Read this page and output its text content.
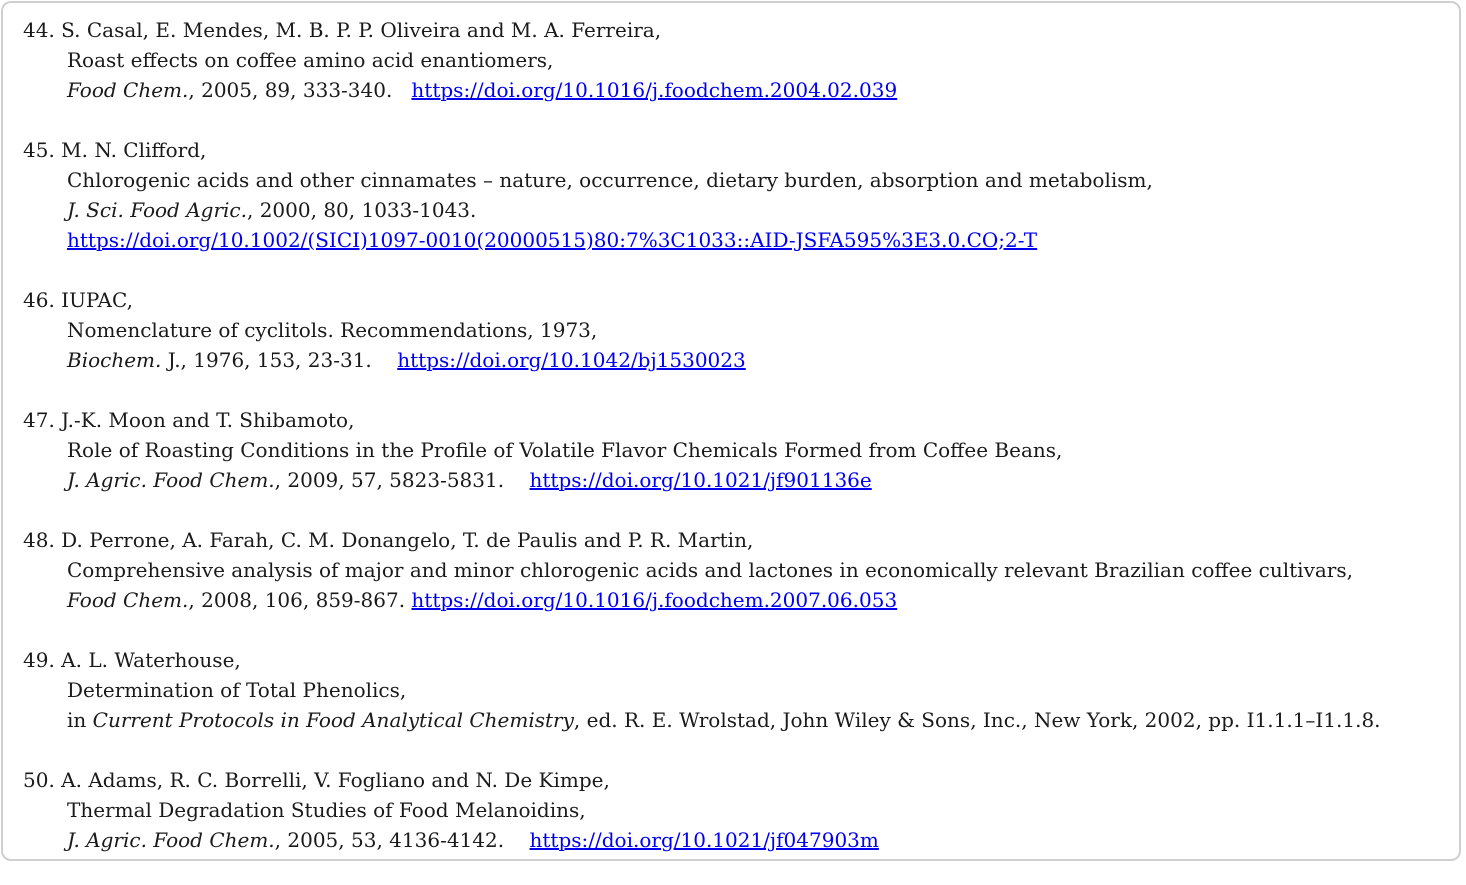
44. S. Casal, E. Mendes, M. B. P. P. Oliveira and M. A. Ferreira,
Roast effects on coffee amino acid enantiomers,
Food Chem., 2005, 89, 333-340. https://doi.org/10.1016/j.foodchem.2004.02.039
45. M. N. Clifford,
Chlorogenic acids and other cinnamates – nature, occurrence, dietary burden, absorption and metabolism,
J. Sci. Food Agric., 2000, 80, 1033-1043.
https://doi.org/10.1002/(SICI)1097-0010(20000515)80:7%3C1033::AID-JSFA595%3E3.0.CO;2-T
46. IUPAC,
Nomenclature of cyclitols. Recommendations, 1973,
Biochem. J., 1976, 153, 23-31. https://doi.org/10.1042/bj1530023
47. J.-K. Moon and T. Shibamoto,
Role of Roasting Conditions in the Profile of Volatile Flavor Chemicals Formed from Coffee Beans,
J. Agric. Food Chem., 2009, 57, 5823-5831. https://doi.org/10.1021/jf901136e
48. D. Perrone, A. Farah, C. M. Donangelo, T. de Paulis and P. R. Martin,
Comprehensive analysis of major and minor chlorogenic acids and lactones in economically relevant Brazilian coffee cultivars,
Food Chem., 2008, 106, 859-867. https://doi.org/10.1016/j.foodchem.2007.06.053
49. A. L. Waterhouse,
Determination of Total Phenolics,
in Current Protocols in Food Analytical Chemistry, ed. R. E. Wrolstad, John Wiley & Sons, Inc., New York, 2002, pp. I1.1.1–I1.1.8.
50. A. Adams, R. C. Borrelli, V. Fogliano and N. De Kimpe,
Thermal Degradation Studies of Food Melanoidins,
J. Agric. Food Chem., 2005, 53, 4136-4142. https://doi.org/10.1021/jf047903m
